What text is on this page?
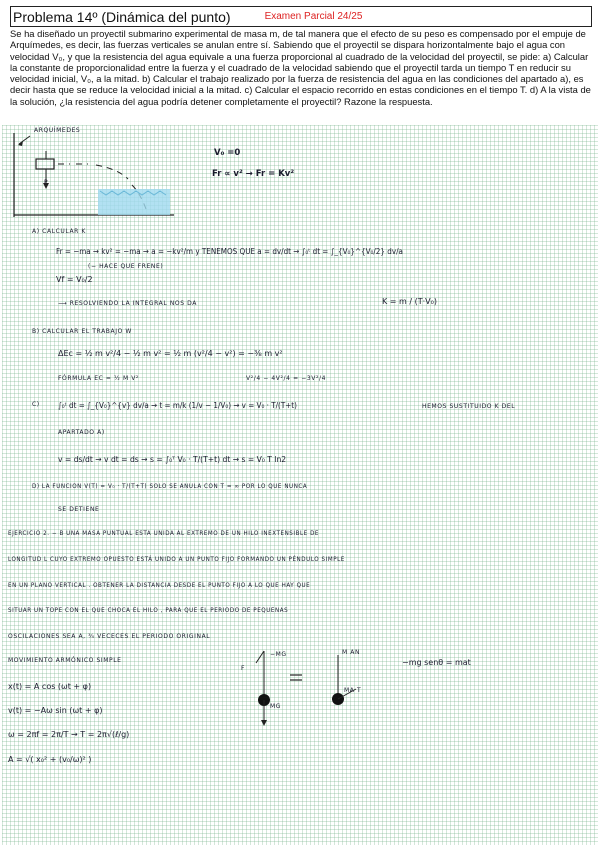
Problema 14º (Dinámica del punto)	Examen Parcial 24/25

Se ha diseñado un proyectil submarino experimental de masa m, de tal manera que el efecto de su peso es compensado por el empuje de Arquímedes, es decir, las fuerzas verticales se anulan entre sí. Sabiendo que el proyectil se dispara horizontalmente bajo el agua con velocidad V₀, y que la resistencia del agua equivale a una fuerza proporcional al cuadrado de la velocidad del proyectil, se pide: a) Calcular la constante de proporcionalidad entre la fuerza y el cuadrado de la velocidad sabiendo que el proyectil tarda un tiempo T en reducir su velocidad inicial, V₀, a la mitad. b) Calcular el trabajo realizado por la fuerza de resistencia del agua en las condiciones del apartado a), es decir hasta que se reduce la velocidad inicial a la mitad. c) Calcular el espacio recorrido en estas condiciones en el tiempo T. d) A la vista de la solución, ¿la resistencia del agua podría detener completamente el proyectil? Razone la respuesta.

ARQUÍMEDES
P
V₀ =0
Fr ∝ v² → Fr = Kv²
A) CALCULAR K
Fr = −ma → kv² = −ma → a = −kv²/m y TENEMOS QUE a = dv/dt → ∫₀ᵗ dt = ∫_{V₀}^{V₀/2} dv/a
(− HACE QUE FRENE)
Vf = V₀/2
⟶ RESOLVIENDO LA INTEGRAL NOS DA	K = m / (T·V₀)
B) CALCULAR EL TRABAJO W
ΔEc = ½ m v²/4 − ½ m v² = ½ m (v²/4 − v²) = −⅜ m v²
FÓRMULA EC = ½ M V²	V²/4 − 4V²/4 = −3V²/4
C) ∫₀ᵗ dt = ∫_{V₀}^{v} dv/a → t = m/k (1/v − 1/V₀) → v = V₀ · T/(T+t)	HEMOS SUSTITUIDO K DEL
APARTADO A)
v = ds/dt → v dt = ds → s = ∫₀ᵀ V₀ · T/(T+t) dt → s = V₀ T ln2
D) LA FUNCIÓN V(T) = V₀ · T/(T+T) SOLO SE ANULA CON T = ∞ POR LO QUE NUNCA
SE DETIENE
EJERCICIO 2. − B UNA MASA PUNTUAL ESTÁ UNIDA AL EXTREMO DE UN HILO INEXTENSIBLE DE
LONGITUD L CUYO EXTREMO OPUESTO ESTÁ UNIDO A UN PUNTO FIJO FORMANDO UN PÉNDULO SIMPLE
EN UN PLANO VERTICAL . OBTENER LA DISTANCIA DESDE EL PUNTO FIJO A LO QUE HAY QUE
SITUAR UN TOPE CON EL QUE CHOCA EL HILO , PARA QUE EL PERIODO DE PEQUEÑAS
OSCILACIONES SEA A, ¾ VECECES EL PERIODO ORIGINAL
MOVIMIENTO ARMÓNICO SIMPLE
x(t) = A cos (ωt + φ)
v(t) = −Aω sin (ωt + φ)
ω = 2πf = 2π/T → T = 2π√(ℓ/g)
A = √( x₀² + (v₀/ω)² )
F
−MG	M AN
MA T
MG
−mg senθ = mat
